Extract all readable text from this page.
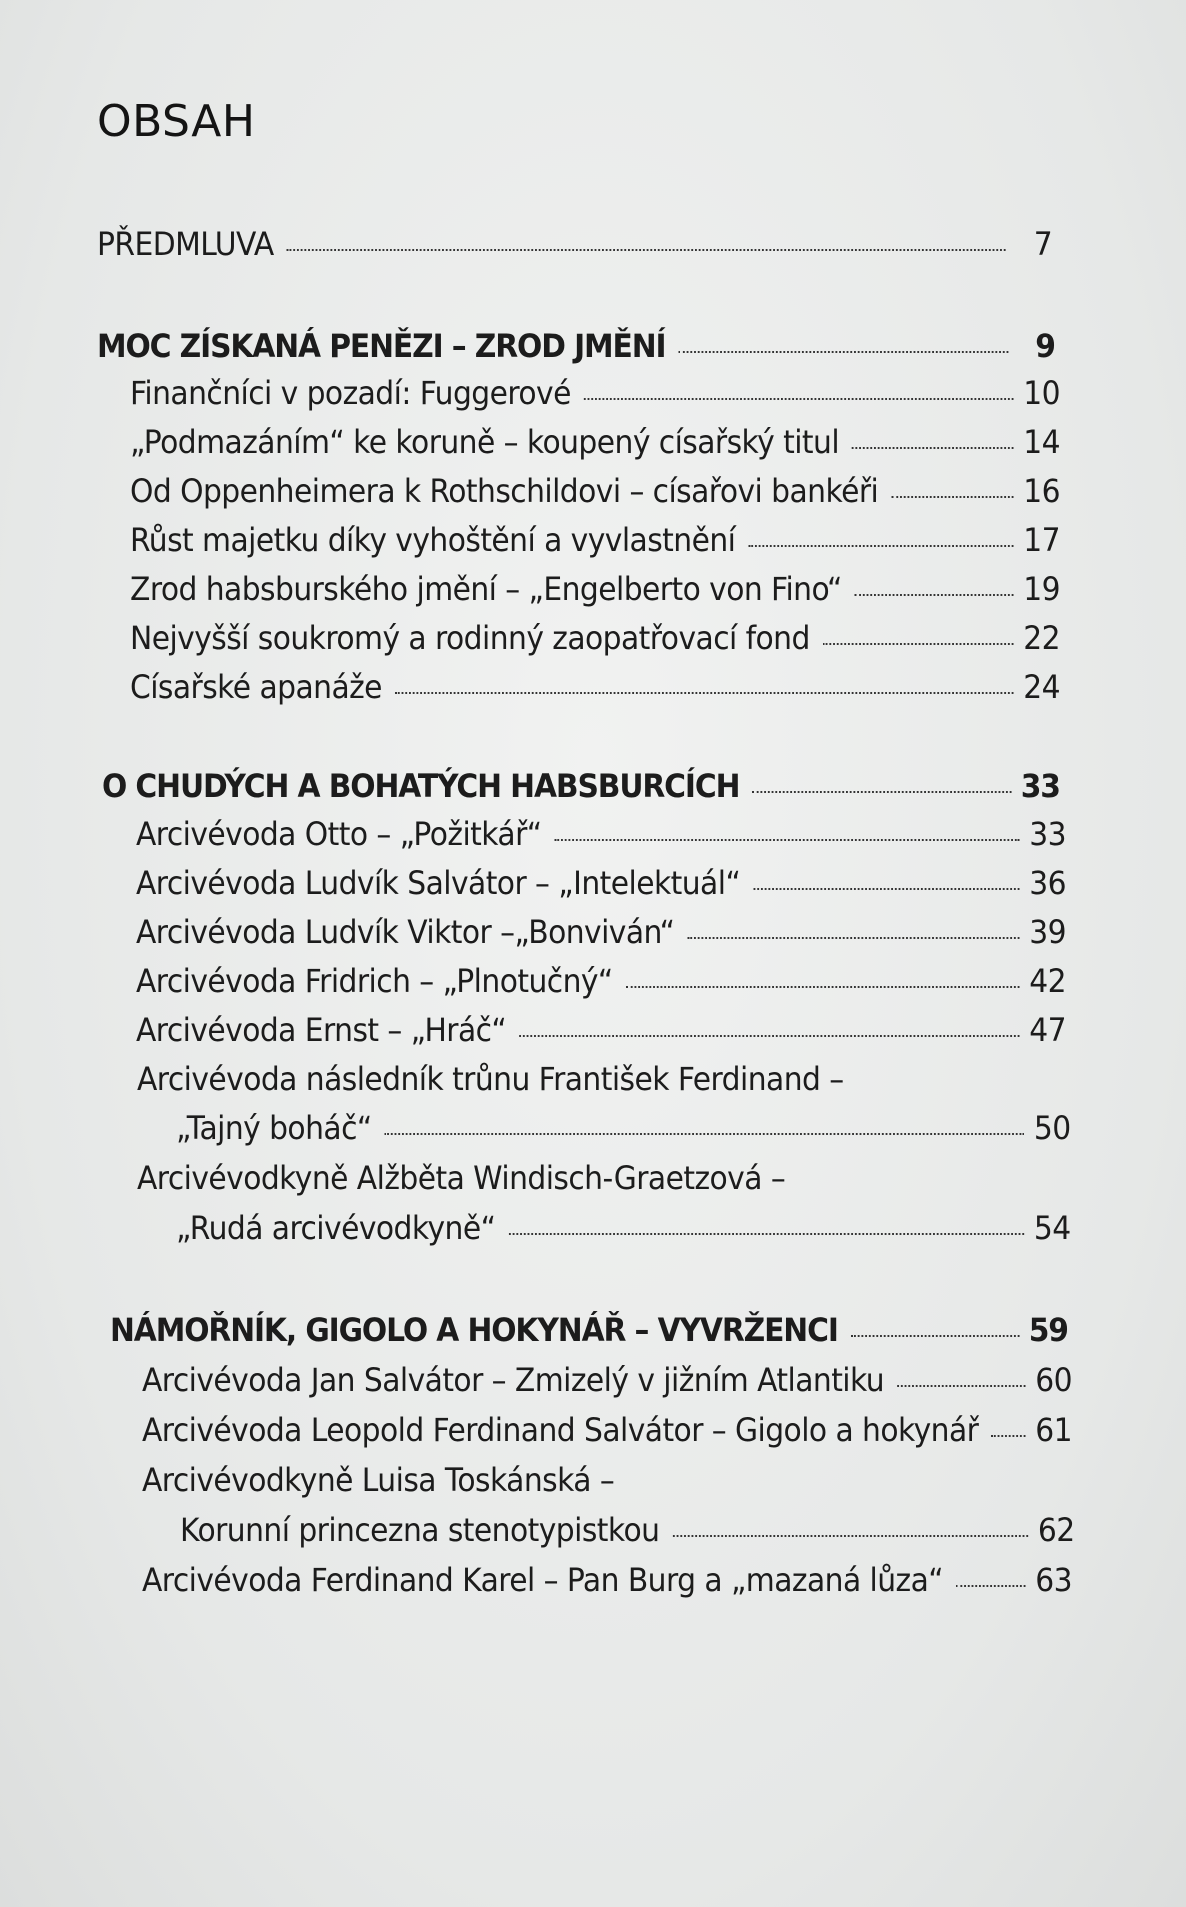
OBSAH
PŘEDMLUVA	7
MOC ZÍSKANÁ PENĚZI – ZROD JMĚNÍ	9
Finančníci v pozadí: Fuggerové	10
„Podmazáním“ ke koruně – koupený císařský titul	14
Od Oppenheimera k Rothschildovi – císařovi bankéři	16
Růst majetku díky vyhoštění a vyvlastnění	17
Zrod habsburského jmění – „Engelberto von Fino“	19
Nejvyšší soukromý a rodinný zaopatřovací fond	22
Císařské apanáže	24
O CHUDÝCH A BOHATÝCH HABSBURCÍCH	33
Arcivévoda Otto – „Požitkář“	33
Arcivévoda Ludvík Salvátor – „Intelektuál“	36
Arcivévoda Ludvík Viktor –„Bonviván“	39
Arcivévoda Fridrich – „Plnotučný“	42
Arcivévoda Ernst – „Hráč“	47
Arcivévoda následník trůnu František Ferdinand –
„Tajný boháč“	50
Arcivévodkyně Alžběta Windisch-Graetzová –
„Rudá arcivévodkyně“	54
NÁMOŘNÍK, GIGOLO A HOKYNÁŘ – VYVRŽENCI	59
Arcivévoda Jan Salvátor – Zmizelý v jižním Atlantiku	60
Arcivévoda Leopold Ferdinand Salvátor – Gigolo a hokynář 61
Arcivévodkyně Luisa Toskánská –
Korunní princezna stenotypistkou	62
Arcivévoda Ferdinand Karel – Pan Burg a „mazaná lůza“	63
